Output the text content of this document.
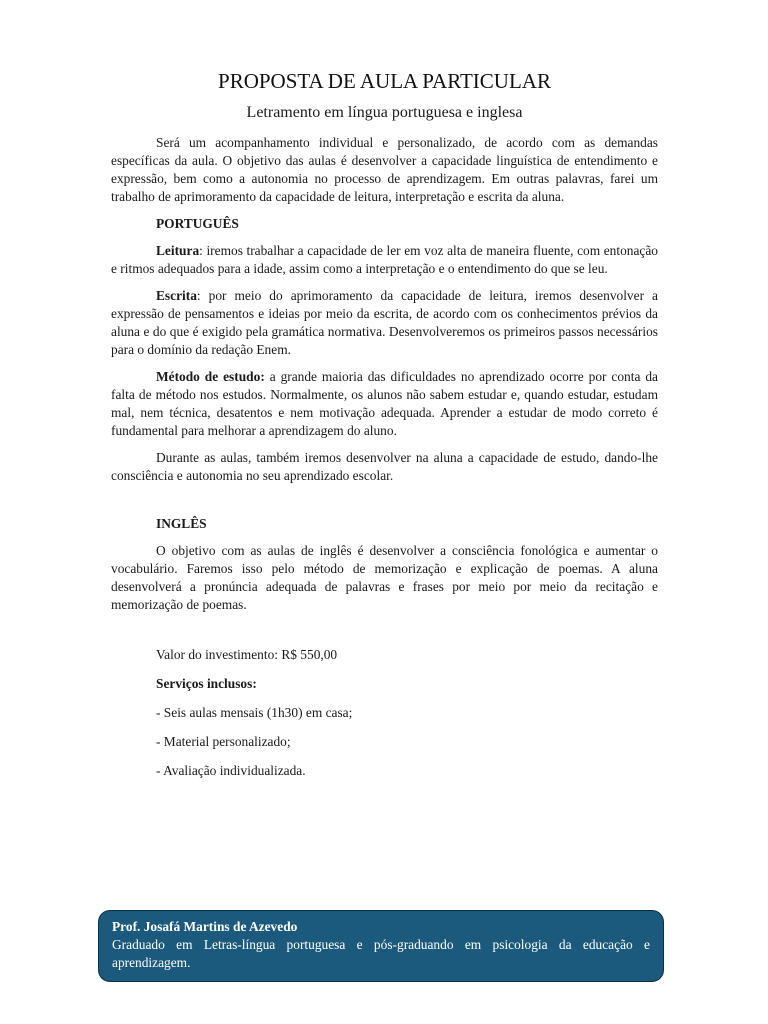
PROPOSTA DE AULA PARTICULAR
Letramento em língua portuguesa e inglesa

Será um acompanhamento individual e personalizado, de acordo com as demandas específicas da aula. O objetivo das aulas é desenvolver a capacidade linguística de entendimento e expressão, bem como a autonomia no processo de aprendizagem. Em outras palavras, farei um trabalho de aprimoramento da capacidade de leitura, interpretação e escrita da aluna.

PORTUGUÊS

Leitura: iremos trabalhar a capacidade de ler em voz alta de maneira fluente, com entonação e ritmos adequados para a idade, assim como a interpretação e o entendimento do que se leu.

Escrita: por meio do aprimoramento da capacidade de leitura, iremos desenvolver a expressão de pensamentos e ideias por meio da escrita, de acordo com os conhecimentos prévios da aluna e do que é exigido pela gramática normativa. Desenvolveremos os primeiros passos necessários para o domínio da redação Enem.

Método de estudo: a grande maioria das dificuldades no aprendizado ocorre por conta da falta de método nos estudos. Normalmente, os alunos não sabem estudar e, quando estudar, estudam mal, nem técnica, desatentos e nem motivação adequada. Aprender a estudar de modo correto é fundamental para melhorar a aprendizagem do aluno.

Durante as aulas, também iremos desenvolver na aluna a capacidade de estudo, dando-lhe consciência e autonomia no seu aprendizado escolar.

INGLÊS

O objetivo com as aulas de inglês é desenvolver a consciência fonológica e aumentar o vocabulário. Faremos isso pelo método de memorização e explicação de poemas. A aluna desenvolverá a pronúncia adequada de palavras e frases por meio por meio da recitação e memorização de poemas.

Valor do investimento: R$ 550,00

Serviços inclusos:

- Seis aulas mensais (1h30) em casa;

- Material personalizado;

- Avaliação individualizada.

Prof. Josafá Martins de Azevedo
Graduado em Letras-língua portuguesa e pós-graduando em psicologia da educação e aprendizagem.
